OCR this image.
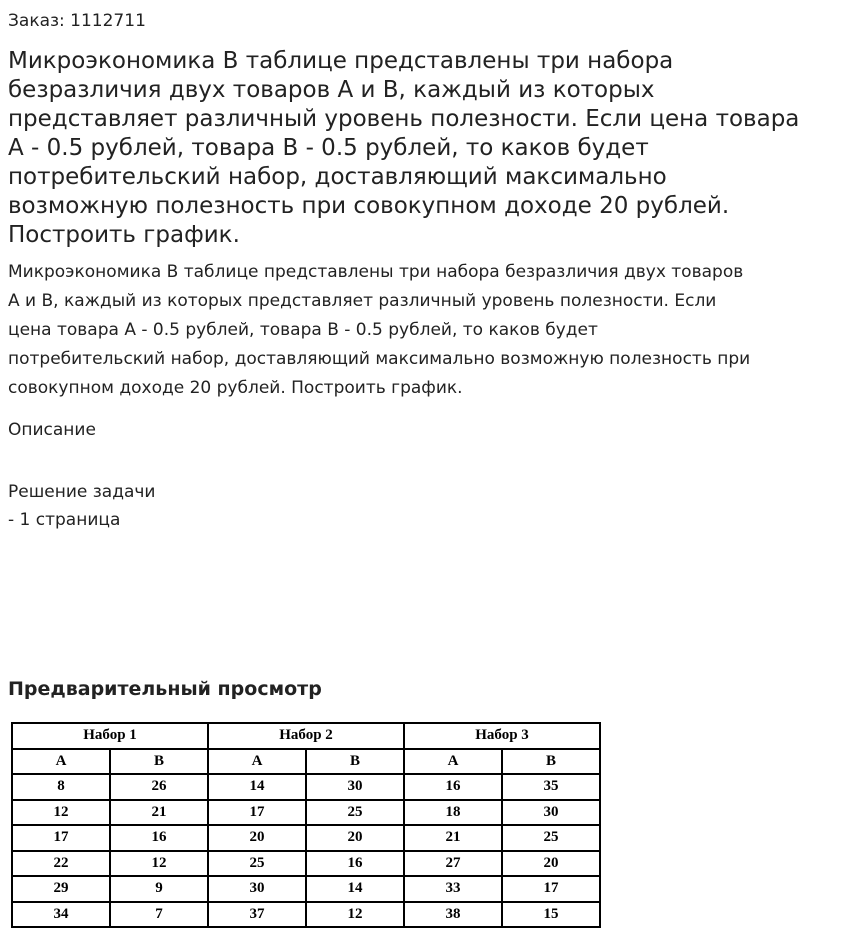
Заказ: 1112711
Микроэкономика В таблице представлены три набора
безразличия двух товаров А и В, каждый из которых
представляет различный уровень полезности. Если цена товара
А - 0.5 рублей, товара В - 0.5 рублей, то каков будет
потребительский набор, доставляющий максимально
возможную полезность при совокупном доходе 20 рублей.
Построить график.
Микроэкономика В таблице представлены три набора безразличия двух товаров
А и В, каждый из которых представляет различный уровень полезности. Если
цена товара А - 0.5 рублей, товара В - 0.5 рублей, то каков будет
потребительский набор, доставляющий максимально возможную полезность при
совокупном доходе 20 рублей. Построить график.
Описание
Решение задачи
- 1 страница
Предварительный просмотр
Набор 1		Набор 2		Набор 3	
А	В	А	В	А	В
8	26	14	30	16	35
12	21	17	25	18	30
17	16	20	20	21	25
22	12	25	16	27	20
29	9	30	14	33	17
34	7	37	12	38	15
